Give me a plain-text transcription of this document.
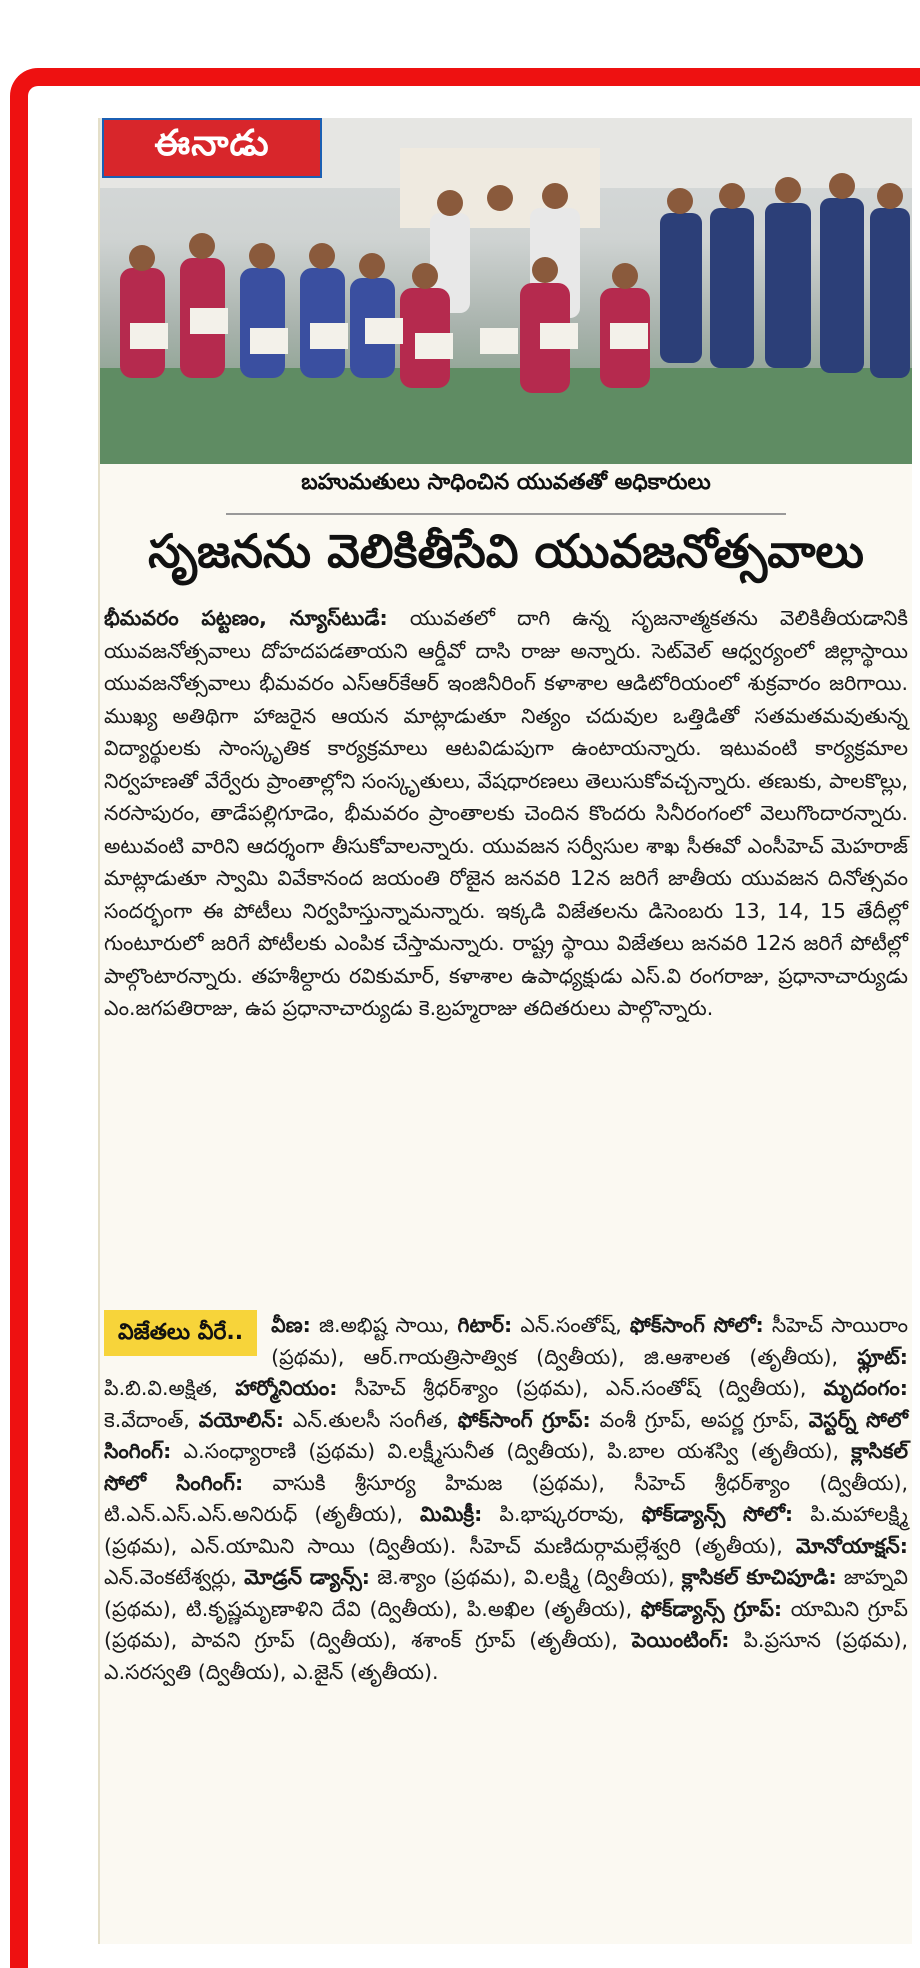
ఈనాడు
బహుమతులు సాధించిన యువతతో అధికారులు
సృజనను వెలికితీసేవి యువజనోత్సవాలు
భీమవరం పట్టణం, న్యూస్‌టుడే: యువతలో దాగి ఉన్న సృజనాత్మకతను వెలికితీయడానికి యువజనోత్సవాలు దోహదపడతాయని ఆర్డీవో దాసి రాజు అన్నారు. సెట్‌వెల్ ఆధ్వర్యంలో జిల్లాస్థాయి యువజనోత్సవాలు భీమవరం ఎస్ఆర్‌కేఆర్ ఇంజినీరింగ్ కళాశాల ఆడిటోరియంలో శుక్రవారం జరిగాయి. ముఖ్య అతిథిగా హాజరైన ఆయన మాట్లాడుతూ నిత్యం చదువుల ఒత్తిడితో సతమతమవుతున్న విద్యార్థులకు సాంస్కృతిక కార్యక్రమాలు ఆటవిడుపుగా ఉంటాయన్నారు. ఇటువంటి కార్యక్రమాల నిర్వహణతో వేర్వేరు ప్రాంతాల్లోని సంస్కృతులు, వేషధారణలు తెలుసుకోవచ్చన్నారు. తణుకు, పాలకొల్లు, నరసాపురం, తాడేపల్లిగూడెం, భీమవరం ప్రాంతాలకు చెందిన కొందరు సినీరంగంలో వెలుగొందారన్నారు. అటువంటి వారిని ఆదర్శంగా తీసుకోవాలన్నారు. యువజన సర్వీసుల శాఖ సీఈవో ఎంసీహెచ్ మెహరాజ్ మాట్లాడుతూ స్వామి వివేకానంద జయంతి రోజైన జనవరి 12న జరిగే జాతీయ యువజన దినోత్సవం సందర్భంగా ఈ పోటీలు నిర్వహిస్తున్నామన్నారు. ఇక్కడి విజేతలను డిసెంబరు 13, 14, 15 తేదీల్లో గుంటూరులో జరిగే పోటీలకు ఎంపిక చేస్తామన్నారు. రాష్ట్ర స్థాయి విజేతలు జనవరి 12న జరిగే పోటీల్లో పాల్గొంటారన్నారు. తహశీల్దారు రవికుమార్, కళాశాల ఉపాధ్యక్షుడు ఎస్.వి రంగరాజు, ప్రధానాచార్యుడు ఎం.జగపతిరాజు, ఉప ప్రధానాచార్యుడు కె.బ్రహ్మరాజు తదితరులు పాల్గొన్నారు.
విజేతలు వీరే..	వీణ: జి.అభిష్ట సాయి, గిటార్: ఎన్.సంతోష్, ఫోక్‌సాంగ్ సోలో: సీహెచ్ సాయిరాం (ప్రథమ), ఆర్.గాయత్రిసాత్విక (ద్వితీయ), జి.ఆశాలత (తృతీయ), ఫ్లూట్: పి.బి.వి.అక్షిత, హార్మోనియం: సీహెచ్ శ్రీధర్‌శ్యాం (ప్రథమ), ఎన్.సంతోష్ (ద్వితీయ), మృదంగం: కె.వేదాంత్, వయోలిన్: ఎన్.తులసీ సంగీత, ఫోక్‌సాంగ్ గ్రూప్: వంశీ గ్రూప్, అపర్ణ గ్రూప్, వెస్టర్న్ సోలో సింగింగ్: ఎ.సంధ్యారాణి (ప్రథమ) వి.లక్ష్మీసునీత (ద్వితీయ), పి.బాల యశస్వి (తృతీయ), క్లాసికల్ సోలో సింగింగ్: వాసుకి శ్రీసూర్య హిమజ (ప్రథమ), సీహెచ్ శ్రీధర్‌శ్యాం (ద్వితీయ), టి.ఎన్.ఎస్.ఎస్.అనిరుధ్ (తృతీయ), మిమిక్రీ: పి.భాష్కరరావు, ఫోక్‌డ్యాన్స్ సోలో: పి.మహాలక్ష్మి (ప్రథమ), ఎన్.యామిని సాయి (ద్వితీయ). సీహెచ్ మణిదుర్గామల్లేశ్వరి (తృతీయ), మోనోయాక్షన్: ఎన్.వెంకటేశ్వర్లు, మోడ్రన్ డ్యాన్స్: జె.శ్యాం (ప్రథమ), వి.లక్ష్మి (ద్వితీయ), క్లాసికల్ కూచిపూడి: జాహ్నవి (ప్రథమ), టి.కృష్ణమృణాళిని దేవి (ద్వితీయ), పి.అఖిల (తృతీయ), ఫోక్‌డ్యాన్స్ గ్రూప్: యామిని గ్రూప్ (ప్రథమ), పావని గ్రూప్ (ద్వితీయ), శశాంక్ గ్రూప్ (తృతీయ), పెయింటింగ్: పి.ప్రసూన (ప్రథమ), ఎ.సరస్వతి (ద్వితీయ), ఎ.జైన్ (తృతీయ).
